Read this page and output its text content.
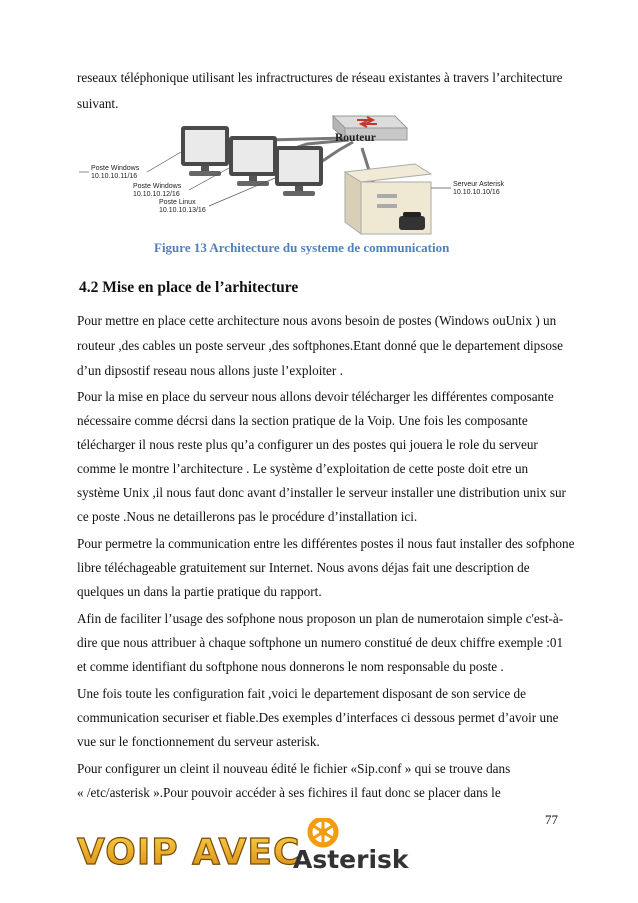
reseaux téléphonique utilisant les infractructures de réseau existantes à travers l’architecture
suivant.
Routeur
Poste Windows
10.10.10.11/16
Poste Windows
10.10.10.12/16
Poste Linux
10.10.10.13/16
Serveur Asterisk
10.10.10.10/16
Figure 13 Architecture du systeme de communication
4.2 Mise en place de l’arhitecture
Pour mettre en place cette architecture nous avons besoin de postes (Windows ouUnix ) un
routeur ,des cables un poste serveur ,des softphones.Etant donné que le departement dipsose
d’un dipsostif reseau nous allons juste l’exploiter .
Pour la mise en place du serveur nous allons devoir télécharger les différentes composante
nécessaire comme décrsi dans la section pratique de la Voip. Une fois les composante
télécharger il nous reste plus qu’a configurer un des postes qui jouera le role du serveur
comme le montre l’architecture . Le système d’exploitation de cette poste doit etre un
système Unix ,il nous faut donc avant d’installer le serveur installer une distribution unix sur
ce poste .Nous ne detaillerons pas le procédure d’installation ici.
Pour permetre la communication entre les différentes postes il nous faut installer des sofphone
libre téléchageable gratuitement sur Internet. Nous avons déjas fait une description de
quelques un dans la partie pratique du rapport.
Afin de faciliter l’usage des sofphone nous proposon un plan de numerotaion simple c'est-à-
dire que nous attribuer à chaque softphone un numero constitué de deux chiffre exemple :01
et comme identifiant du softphone nous donnerons le nom responsable du poste .
Une fois toute les configuration fait ,voici le departement disposant de son service de
communication securiser et fiable.Des exemples d’interfaces ci dessous permet d’avoir une
vue sur le fonctionnement du serveur asterisk.
Pour configurer un cleint il nouveau édité le fichier «Sip.conf » qui se trouve dans
« /etc/asterisk ».Pour pouvoir accéder à ses fichires il faut donc se placer dans le
77
VOIP AVEC
Asterisk
